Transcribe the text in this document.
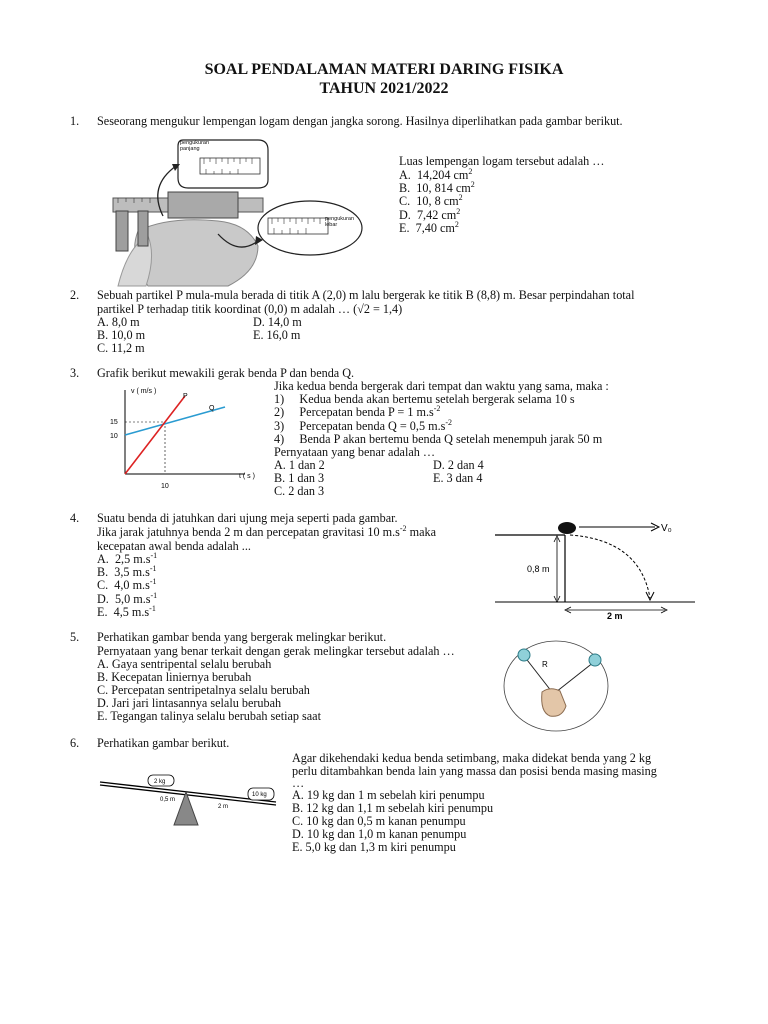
SOAL PENDALAMAN MATERI DARING FISIKA
TAHUN 2021/2022
1. Seseorang mengukur lempengan logam dengan jangka sorong. Hasilnya diperlihatkan pada gambar berikut.
pengukuran panjang
pengukuran lebar
Luas lempengan logam tersebut adalah …
A. 14,204 $cm^2$
B. 10, 814 $cm^2$
C. 10, 8 $cm^2$
D. 7,42 $cm^2$
E. 7,40 $cm^2$
2. Sebuah partikel P mula-mula berada di titik A (2,0) m lalu bergerak ke titik B (8,8) m. Besar perpindahan total
partikel P terhadap titik koordinat (0,0) m adalah … (√2 = 1,4)
A. 8,0 m
B. 10,0 m
C. 11,2 m
D. 14,0 m
E. 16,0 m
3. Grafik berikut mewakili gerak benda P dan benda Q.
v ( m/s )
P
Q
15
10
10
t ( s )
Jika kedua benda bergerak dari tempat dan waktu yang sama, maka :
1) Kedua benda akan bertemu setelah bergerak selama 10 s
2) Percepatan benda P = 1 $m.s^{-2}$
3) Percepatan benda Q = 0,5 $m.s^{-2}$
4) Benda P akan bertemu benda Q setelah menempuh jarak 50 m
Pernyataan yang benar adalah …
A. 1 dan 2
B. 1 dan 3
C. 2 dan 3
D. 2 dan 4
E. 3 dan 4
4. Suatu benda di jatuhkan dari ujung meja seperti pada gambar.
Jika jarak jatuhnya benda 2 m dan percepatan gravitasi 10 $m.s^{-2}$ maka
kecepatan awal benda adalah ...
A. 2,5 $m.s^{-1}$
B. 3,5 $m.s^{-1}$
C. 4,0 $m.s^{-1}$
D. 5,0 $m.s^{-1}$
E. 4,5 $m.s^{-1}$
0,8 m
2 m
V₀
5. Perhatikan gambar benda yang bergerak melingkar berikut.
Pernyataan yang benar terkait dengan gerak melingkar tersebut adalah …
A. Gaya sentripental selalu berubah
B. Kecepatan liniernya berubah
C. Percepatan sentripetalnya selalu berubah
D. Jari jari lintasannya selalu berubah
E. Tegangan talinya selalu berubah setiap saat
R
6. Perhatikan gambar berikut.
2 kg
10 kg
0,5 m
2 m
Agar dikehendaki kedua benda setimbang, maka didekat benda yang 2 kg
perlu ditambahkan benda lain yang massa dan posisi benda masing masing
…
A. 19 kg dan 1 m sebelah kiri penumpu
B. 12 kg dan 1,1 m sebelah kiri penumpu
C. 10 kg dan 0,5 m kanan penumpu
D. 10 kg dan 1,0 m kanan penumpu
E. 5,0 kg dan 1,3 m kiri penumpu
